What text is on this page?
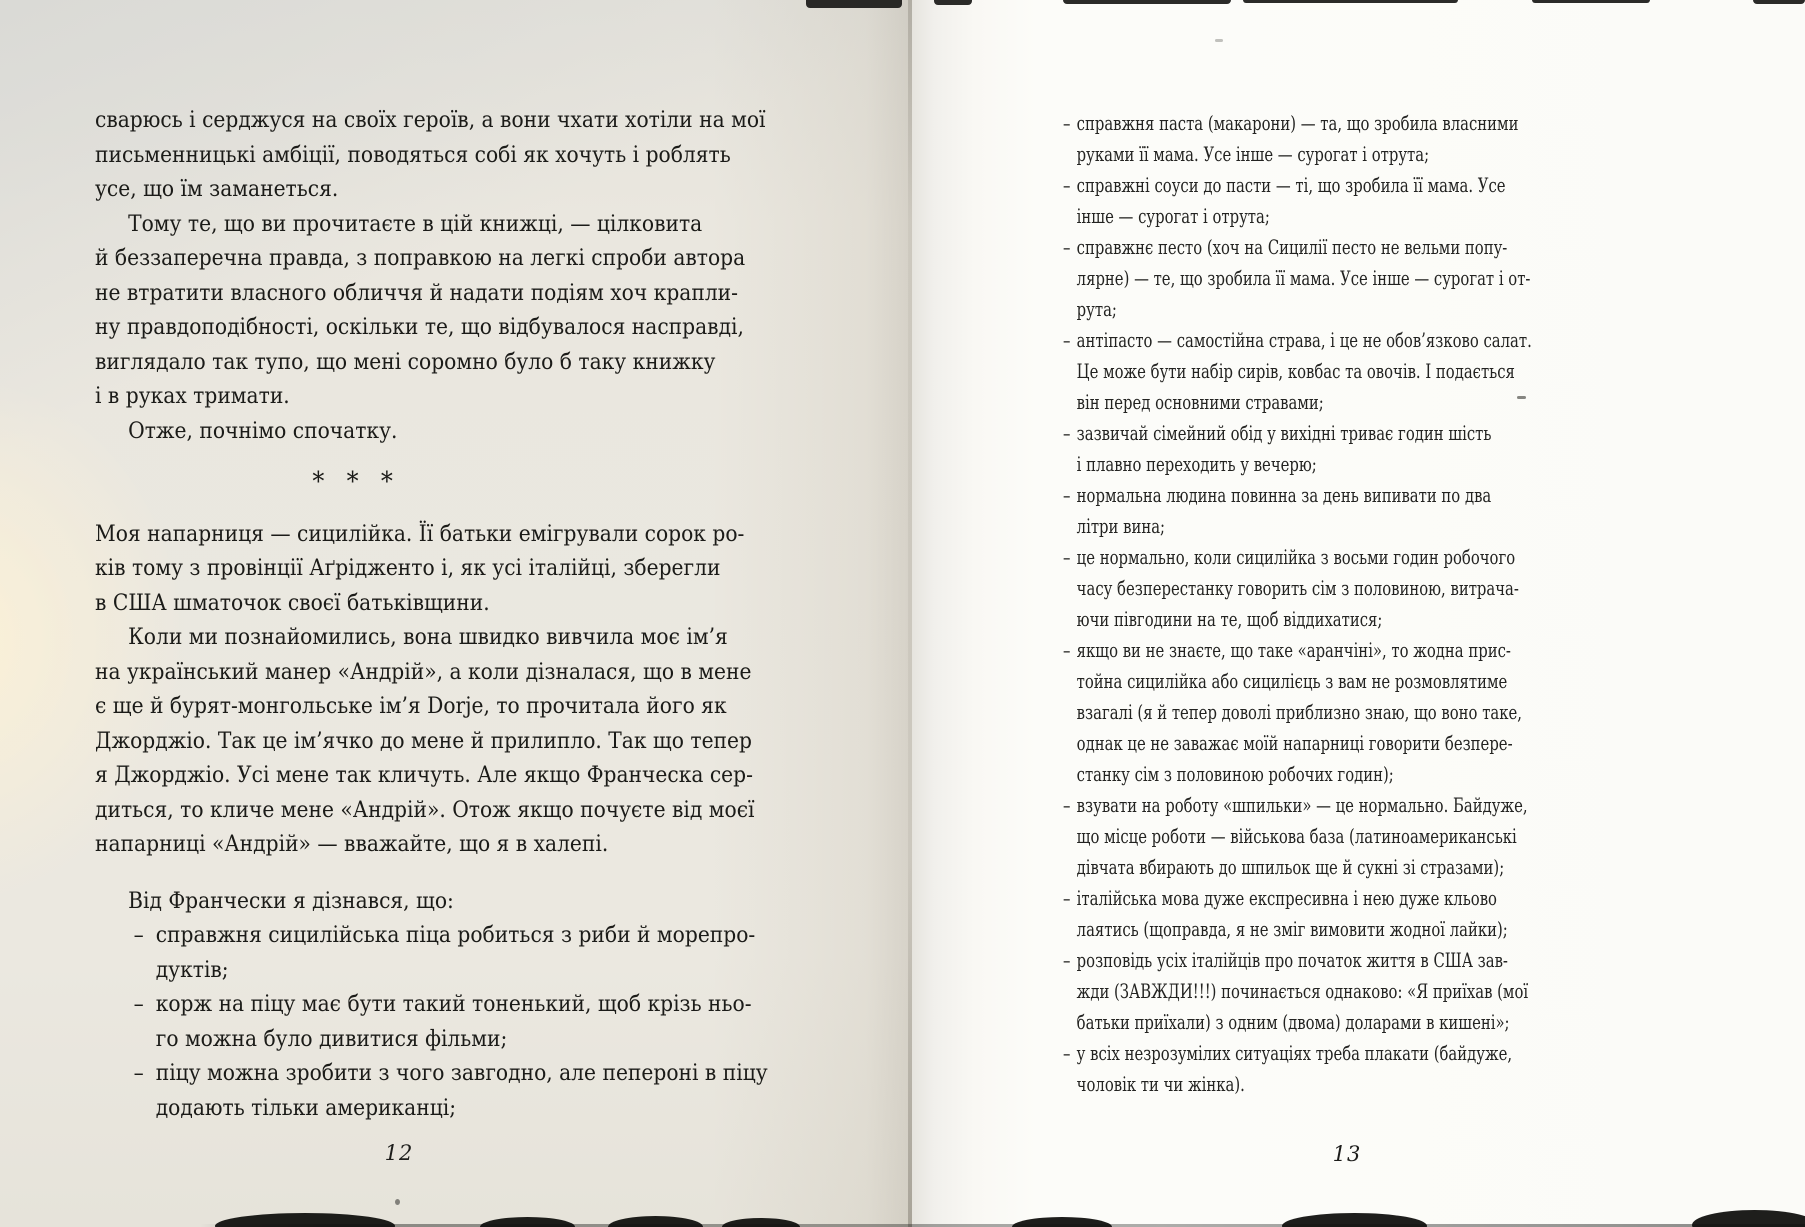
сварюсь і серджуся на своїх героїв, а вони чхати хотіли на мої
письменницькі амбіції, поводяться собі як хочуть і роблять
усе, що їм заманеться.
Тому те, що ви прочитаєте в цій книжці, — цілковита
й беззаперечна правда, з поправкою на легкі спроби автора
не втратити власного обличчя й надати подіям хоч крапли-
ну правдоподібності, оскільки те, що відбувалося насправді,
виглядало так тупо, що мені соромно було б таку книжку
і в руках тримати.
Отже, почнімо спочатку.
* * *
Моя напарниця — сицилійка. Її батьки емігрували сорок ро-
ків тому з провінції Аґрідженто і, як усі італійці, зберегли
в США шматочок своєї батьківщини.
Коли ми познайомились, вона швидко вивчила моє ім’я
на український манер «Андрій», а коли дізналася, що в мене
є ще й бурят-монгольське ім’я Dorje, то прочитала його як
Джорджіо. Так це ім’ячко до мене й прилипло. Так що тепер
я Джорджіо. Усі мене так кличуть. Але якщо Франческа сер-
диться, то кличе мене «Андрій». Отож якщо почуєте від моєї
напарниці «Андрій» — вважайте, що я в халепі.
Від Франчески я дізнався, що:
– справжня сицилійська піца робиться з риби й морепро-
дуктів;
– корж на піцу має бути такий тоненький, щоб крізь ньо-
го можна було дивитися фільми;
– піцу можна зробити з чого завгодно, але пепероні в піцу
додають тільки американці;
12
– справжня паста (макарони) — та, що зробила власними
руками її мама. Усе інше — сурогат і отрута;
– справжні соуси до пасти — ті, що зробила її мама. Усе
інше — сурогат і отрута;
– справжнє песто (хоч на Сицилії песто не вельми попу-
лярне) — те, що зробила її мама. Усе інше — сурогат і от-
рута;
– антіпасто — самостійна страва, і це не обов’язково салат.
Це може бути набір сирів, ковбас та овочів. І подається
він перед основними стравами;
– зазвичай сімейний обід у вихідні триває годин шість
і плавно переходить у вечерю;
– нормальна людина повинна за день випивати по два
літри вина;
– це нормально, коли сицилійка з восьми годин робочого
часу безперестанку говорить сім з половиною, витрача-
ючи півгодини на те, щоб віддихатися;
– якщо ви не знаєте, що таке «аранчіні», то жодна прис-
тойна сицилійка або сицилієць з вам не розмовлятиме
взагалі (я й тепер доволі приблизно знаю, що воно таке,
однак це не заважає моїй напарниці говорити безпере-
станку сім з половиною робочих годин);
– взувати на роботу «шпильки» — це нормально. Байдуже,
що місце роботи — військова база (латиноамериканські
дівчата вбирають до шпильок ще й сукні зі стразами);
– італійська мова дуже експресивна і нею дуже кльово
лаятись (щоправда, я не зміг вимовити жодної лайки);
– розповідь усіх італійців про початок життя в США зав-
жди (ЗАВЖДИ!!!) починається однаково: «Я приїхав (мої
батьки приїхали) з одним (двома) доларами в кишені»;
– у всіх незрозумілих ситуаціях треба плакати (байдуже,
чоловік ти чи жінка).
13
